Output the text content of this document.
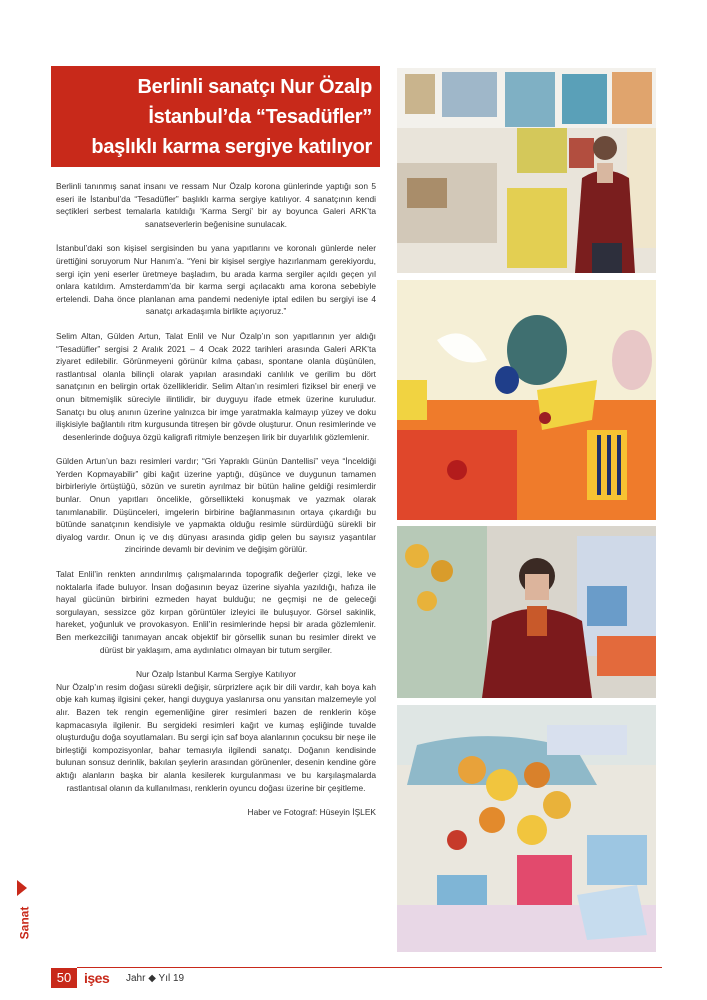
Berlinli sanatçı Nur Özalp
İstanbul’da “Tesadüfler”
başlıklı karma sergiye katılıyor

Berlinli tanınmış sanat insanı ve ressam Nur Özalp korona günlerinde yaptığı son 5 eseri ile İstanbul’da “Tesadüfler” başlıklı karma sergiye katılıyor. 4 sanatçının kendi seçtikleri serbest temalarla katıldığı ‘Karma Sergi’ bir ay boyunca Galeri ARK’ta sanatseverlerin beğenisine sunulacak.

İstanbul’daki son kişisel sergisinden bu yana yapıtlarını ve koronalı günlerde neler ürettiğini soruyorum Nur Hanım’a. “Yeni bir kişisel sergiye hazırlanmam gerekiyordu, sergi için yeni eserler üretmeye başladım, bu arada karma sergiler açıldı geçen yıl onlara katıldım. Amsterdamm’da bir karma sergi açılacaktı ama korona sebebiyle ertelendi. Daha önce planlanan ama pandemi nedeniyle iptal edilen bu sergiyi ise 4 sanatçı arkadaşımla birlikte açıyoruz.”

Selim Altan, Gülden Artun, Talat Enlil ve Nur Özalp’ın son yapıtlarının yer aldığı “Tesadüfler” sergisi 2 Aralık 2021 – 4 Ocak 2022 tarihleri arasında Galeri ARK’ta ziyaret edilebilir. Görünmeyeni görünür kılma çabası, spontane olanla düşünülen, rastlantısal olanla bilinçli olarak yapılan arasındaki canlılık ve gerilim bu dört sanatçının en belirgin ortak özellikleridir. Selim Altan’ın resimleri fiziksel bir enerji ve onun bitmemişlik süreciyle ilintilidir, bir duyguyu ifade etmek üzerine kuruludur. Sanatçı bu oluş anının üzerine yalnızca bir imge yaratmakla kalmayıp yüzey ve doku ilişkisiyle bağlantılı ritm kurgusunda titreşen bir gövde oluşturur. Onun resimlerinde ve desenlerinde doğuya özgü kaligrafi ritmiyle benzeşen lirik bir duyarlılık gözlemlenir.

Gülden Artun’un bazı resimleri vardır; “Gri Yapraklı Günün Dantellisi” veya “İnceldiği Yerden Kopmayabilir” gibi kağıt üzerine yaptığı, düşünce ve duygunun tamamen birbirleriyle örtüştüğü, sözün ve suretin ayrılmaz bir bütün haline geldiği resimlerdir bunlar. Onun yapıtları öncelikle, görsellikteki konuşmak ve yazmak olarak tanımlanabilir. Düşünceleri, imgelerin birbirine bağlanmasının ortaya çıkardığı bu bütünde sanatçının kendisiyle ve yapmakta olduğu resimle sürdürdüğü sürekli bir diyalog vardır. Onun iç ve dış dünyası arasında gidip gelen bu sayısız yaşantılar zincirinde devamlı bir devinim ve değişim görülür.

Talat Enlil’in renkten arındırılmış çalışmalarında topografik değerler çizgi, leke ve noktalarla ifade buluyor. İnsan doğasının beyaz üzerine siyahla yazıldığı, hafıza ile hayal gücünün birbirini ezmeden hayat bulduğu; ne geçmişi ne de geleceği sorgulayan, sessizce göz kırpan görüntüler izleyici ile buluşuyor. Görsel sakinlik, hareket, yoğunluk ve provokasyon. Enlil’in resimlerinde hepsi bir arada gözlemlenir. Ben merkezciliği tanımayan ancak objektif bir görsellik sunan bu resimler direkt ve dürüst bir yaklaşım, ama aydınlatıcı olmayan bir tutum sergiler.

Nur Özalp İstanbul Karma Sergiye Katılıyor

Nur Özalp’ın resim doğası sürekli değişir, sürprizlere açık bir dili vardır, kah boya kah obje kah kumaş ilgisini çeker, hangi duyguya yaslanırsa onu yansıtan malzemeyle yol alır. Bazen tek rengin egemenliğine girer resimleri bazen de renklerin köşe kapmacasıyla ilgilenir. Bu sergideki resimleri kağıt ve kumaş eşliğinde tuvalde oluşturduğu doğa soyutlamaları. Bu sergi için saf boya alanlarının çocuksu bir neşe ile birleştiği kompozisyonlar, bahar temasıyla ilgilendi sanatçı. Doğanın kendisinde bulunan sonsuz derinlik, bakılan şeylerin arasından görünenler, desenin kendine göre aktığı alanların başka bir alanla kesilerek kurgulanması ve bu karşılaşmalarda rastlantısal olanın da kullanılması, renklerin oyuncu doğası üzerine bir çeşitleme.

Haber ve Fotograf: Hüseyin İŞLEK

Sanat
50 işes Jahr ◆ Yıl 19
